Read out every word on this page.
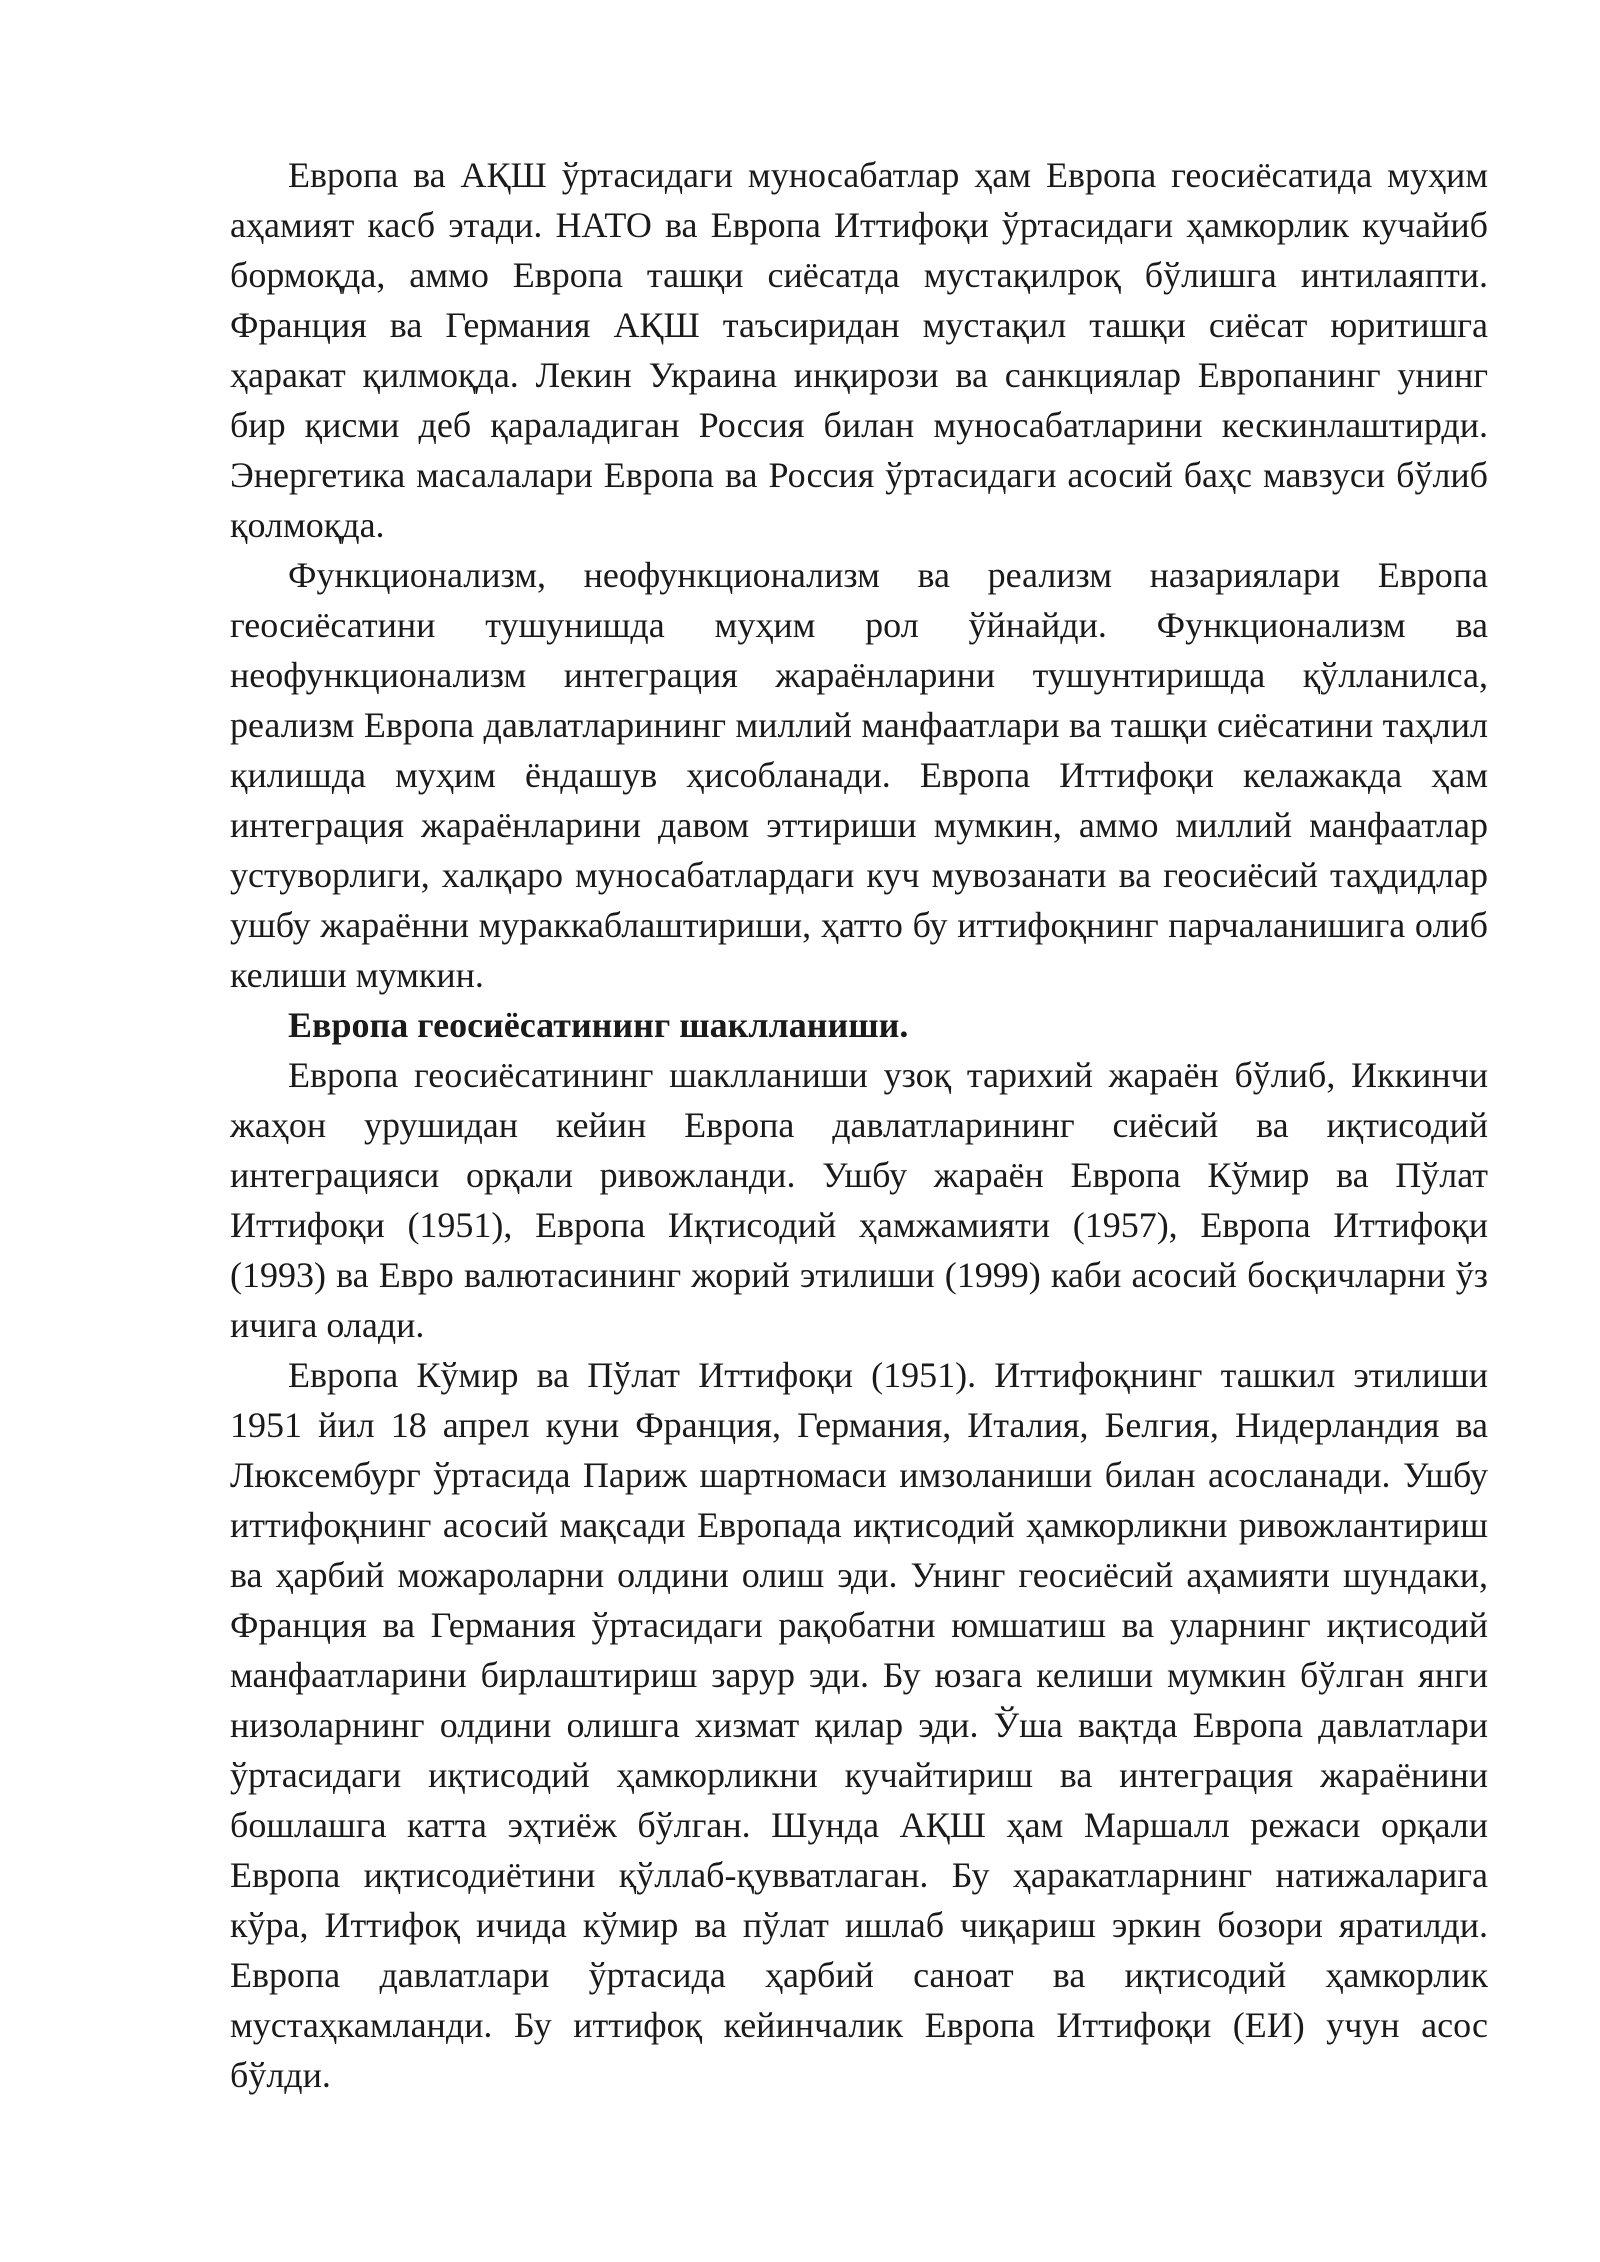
Европа ва АҚШ ўртасидаги муносабатлар ҳам Европа геосиёсатида муҳим аҳамият касб этади. НАТО ва Европа Иттифоқи ўртасидаги ҳамкорлик кучайиб бормоқда, аммо Европа ташқи сиёсатда мустақилроқ бўлишга интилаяпти. Франция ва Германия АҚШ таъсиридан мустақил ташқи сиёсат юритишга ҳаракат қилмоқда. Лекин Украина инқирози ва санкциялар Европанинг унинг бир қисми деб қараладиган Россия билан муносабатларини кескинлаштирди. Энергетика масалалари Европа ва Россия ўртасидаги асосий баҳс мавзуси бўлиб қолмоқда.

Функционализм, неофункционализм ва реализм назариялари Европа геосиёсатини тушунишда муҳим рол ўйнайди. Функционализм ва неофункционализм интеграция жараёнларини тушунтиришда қўлланилса, реализм Европа давлатларининг миллий манфаатлари ва ташқи сиёсатини таҳлил қилишда муҳим ёндашув ҳисобланади. Европа Иттифоқи келажакда ҳам интеграция жараёнларини давом эттириши мумкин, аммо миллий манфаатлар устуворлиги, халқаро муносабатлардаги куч мувозанати ва геосиёсий таҳдидлар ушбу жараённи мураккаблаштириши, ҳатто бу иттифоқнинг парчаланишига олиб келиши мумкин.

Европа геосиёсатининг шаклланиши.

Европа геосиёсатининг шаклланиши узоқ тарихий жараён бўлиб, Иккинчи жаҳон урушидан кейин Европа давлатларининг сиёсий ва иқтисодий интеграцияси орқали ривожланди. Ушбу жараён Европа Кўмир ва Пўлат Иттифоқи (1951), Европа Иқтисодий ҳамжамияти (1957), Европа Иттифоқи (1993) ва Евро валютасининг жорий этилиши (1999) каби асосий босқичларни ўз ичига олади.

Европа Кўмир ва Пўлат Иттифоқи (1951). Иттифоқнинг ташкил этилиши 1951 йил 18 апрел куни Франция, Германия, Италия, Белгия, Нидерландия ва Люксембург ўртасида Париж шартномаси имзоланиши билан асосланади. Ушбу иттифоқнинг асосий мақсади Европада иқтисодий ҳамкорликни ривожлантириш ва ҳарбий можароларни олдини олиш эди. Унинг геосиёсий аҳамияти шундаки, Франция ва Германия ўртасидаги рақобатни юмшатиш ва уларнинг иқтисодий манфаатларини бирлаштириш зарур эди. Бу юзага келиши мумкин бўлган янги низоларнинг олдини олишга хизмат қилар эди. Ўша вақтда Европа давлатлари ўртасидаги иқтисодий ҳамкорликни кучайтириш ва интеграция жараёнини бошлашга катта эҳтиёж бўлган. Шунда АҚШ ҳам Маршалл режаси орқали Европа иқтисодиётини қўллаб-қувватлаган. Бу ҳаракатларнинг натижаларига кўра, Иттифоқ ичида кўмир ва пўлат ишлаб чиқариш эркин бозори яратилди. Европа давлатлари ўртасида ҳарбий саноат ва иқтисодий ҳамкорлик мустаҳкамланди. Бу иттифоқ кейинчалик Европа Иттифоқи (ЕИ) учун асос бўлди.
